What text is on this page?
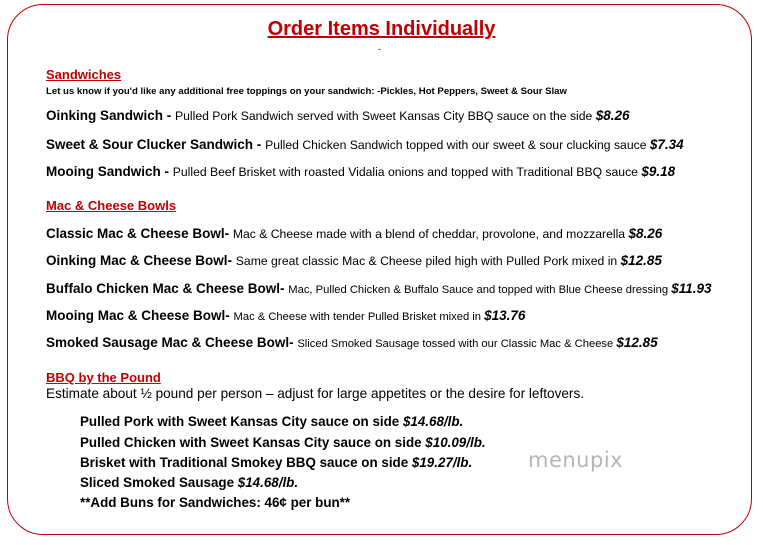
Order Items Individually
-
Sandwiches
Let us know if you'd like any additional free toppings on your sandwich: -Pickles, Hot Peppers, Sweet & Sour Slaw
Oinking Sandwich - Pulled Pork Sandwich served with Sweet Kansas City BBQ sauce on the side $8.26
Sweet & Sour Clucker Sandwich - Pulled Chicken Sandwich topped with our sweet & sour clucking sauce $7.34
Mooing Sandwich - Pulled Beef Brisket with roasted Vidalia onions and topped with Traditional BBQ sauce $9.18
Mac & Cheese Bowls
Classic Mac & Cheese Bowl- Mac & Cheese made with a blend of cheddar, provolone, and mozzarella $8.26
Oinking Mac & Cheese Bowl- Same great classic Mac & Cheese piled high with Pulled Pork mixed in $12.85
Buffalo Chicken Mac & Cheese Bowl- Mac, Pulled Chicken & Buffalo Sauce and topped with Blue Cheese dressing $11.93
Mooing Mac & Cheese Bowl- Mac & Cheese with tender Pulled Brisket mixed in $13.76
Smoked Sausage Mac & Cheese Bowl- Sliced Smoked Sausage tossed with our Classic Mac & Cheese $12.85
BBQ by the Pound
Estimate about ½ pound per person – adjust for large appetites or the desire for leftovers.
Pulled Pork with Sweet Kansas City sauce on side $14.68/lb.
Pulled Chicken with Sweet Kansas City sauce on side $10.09/lb.
Brisket with Traditional Smokey BBQ sauce on side $19.27/lb.
Sliced Smoked Sausage $14.68/lb.
**Add Buns for Sandwiches: 46¢ per bun**
menupix
